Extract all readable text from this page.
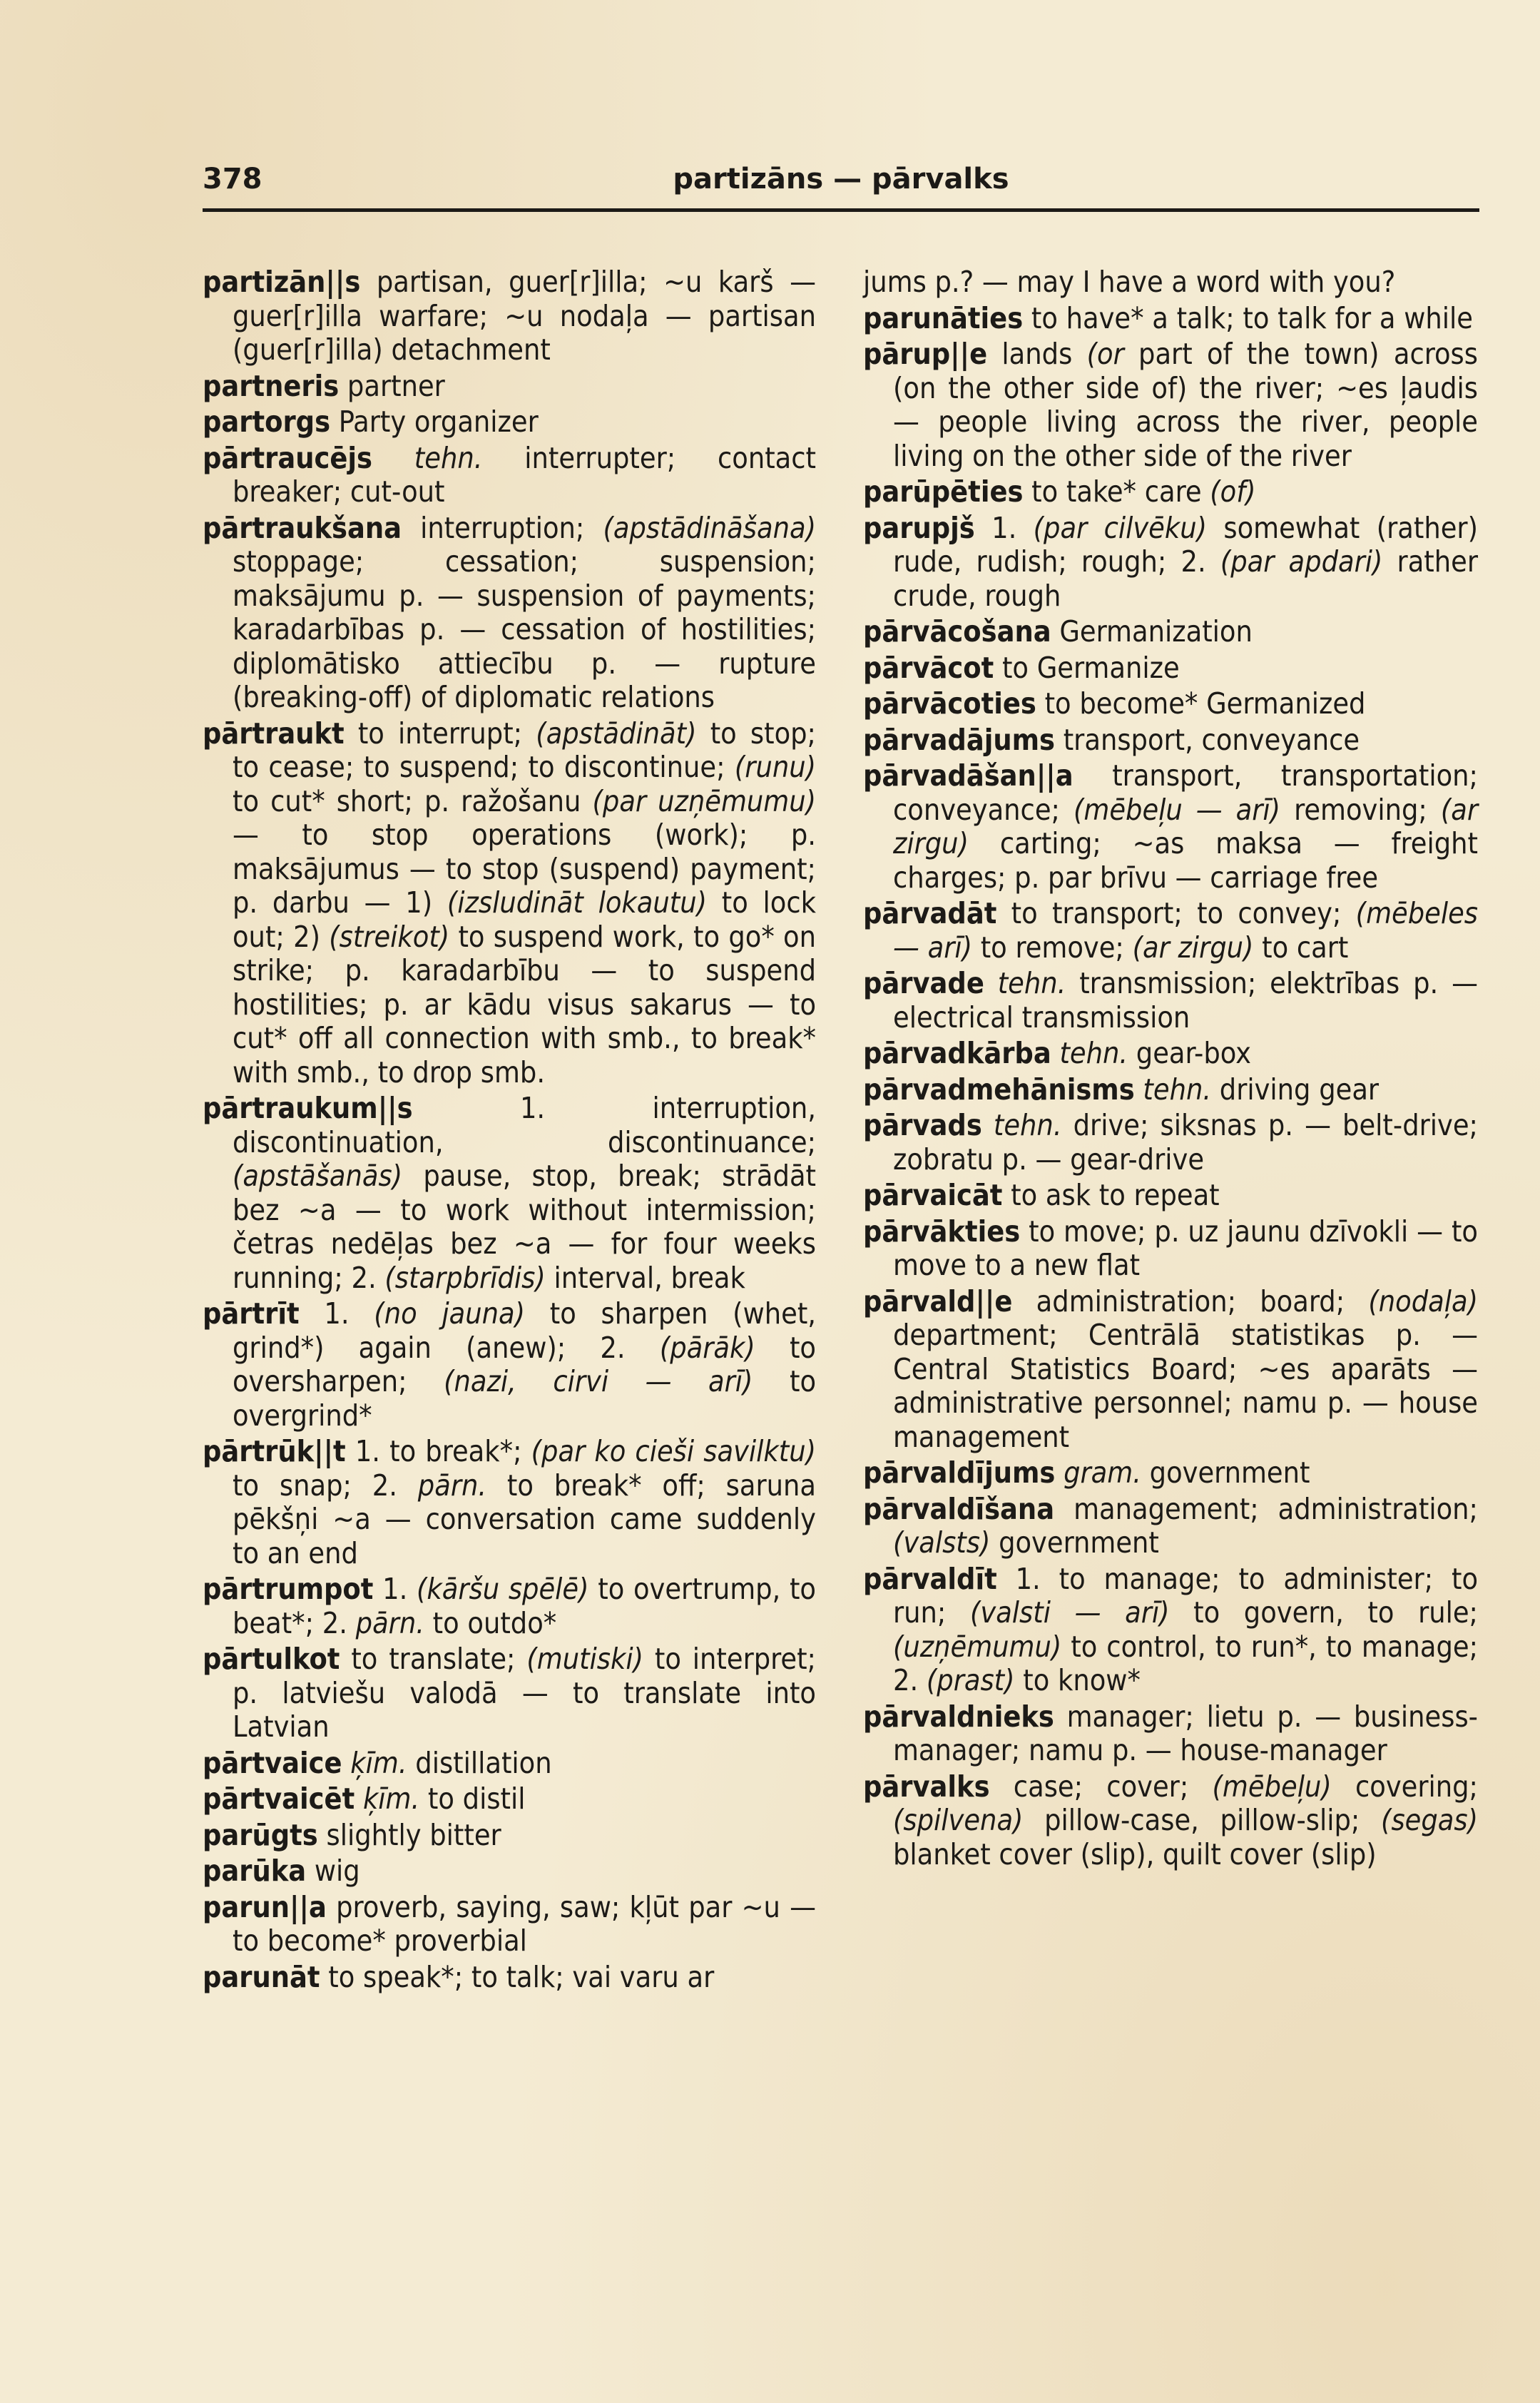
378	partizāns — pārvalks
partizān||s partisan, guer[r]illa; ~u karš — guer[r]illa warfare; ~u nodaļa — partisan (guer[r]illa) detachment
partneris partner
partorgs Party organizer
pārtraucējs tehn. interrupter; contact breaker; cut-out
pārtraukšana interruption; (apstādināšana) stoppage; cessation; suspension; maksājumu p. — suspension of payments; karadarbības p. — cessation of hostilities; diplomātisko attiecību p. — rupture (breaking-off) of diplomatic relations
pārtraukt to interrupt; (apstādināt) to stop; to cease; to suspend; to discontinue; (runu) to cut* short; p. ražošanu (par uzņēmumu) — to stop operations (work); p. maksājumus — to stop (suspend) payment; p. darbu — 1) (izsludināt lokautu) to lock out; 2) (streikot) to suspend work, to go* on strike; p. karadarbību — to suspend hostilities; p. ar kādu visus sakarus — to cut* off all connection with smb., to break* with smb., to drop smb.
pārtraukum||s 1. interruption, discontinuation, discontinuance; (apstāšanās) pause, stop, break; strādāt bez ~a — to work without intermission; četras nedēļas bez ~a — for four weeks running; 2. (starpbrīdis) interval, break
pārtrīt 1. (no jauna) to sharpen (whet, grind*) again (anew); 2. (pārāk) to oversharpen; (nazi, cirvi — arī) to overgrind*
pārtrūk||t 1. to break*; (par ko cieši savilktu) to snap; 2. pārn. to break* off; saruna pēkšņi ~a — conversation came suddenly to an end
pārtrumpot 1. (kāršu spēlē) to overtrump, to beat*; 2. pārn. to outdo*
pārtulkot to translate; (mutiski) to interpret; p. latviešu valodā — to translate into Latvian
pārtvaice ķīm. distillation
pārtvaicēt ķīm. to distil
parūgts slightly bitter
parūka wig
parun||a proverb, saying, saw; kļūt par ~u — to become* proverbial
parunāt to speak*; to talk; vai varu ar
jums p.? — may I have a word with you?
parunāties to have* a talk; to talk for a while
pārup||e lands (or part of the town) across (on the other side of) the river; ~es ļaudis — people living across the river, people living on the other side of the river
parūpēties to take* care (of)
parupjš 1. (par cilvēku) somewhat (rather) rude, rudish; rough; 2. (par apdari) rather crude, rough
pārvācošana Germanization
pārvācot to Germanize
pārvācoties to become* Germanized
pārvadājums transport, conveyance
pārvadāšan||a transport, transportation; conveyance; (mēbeļu — arī) removing; (ar zirgu) carting; ~as maksa — freight charges; p. par brīvu — carriage free
pārvadāt to transport; to convey; (mēbeles — arī) to remove; (ar zirgu) to cart
pārvade tehn. transmission; elektrības p. — electrical transmission
pārvadkārba tehn. gear-box
pārvadmehānisms tehn. driving gear
pārvads tehn. drive; siksnas p. — belt-drive; zobratu p. — gear-drive
pārvaicāt to ask to repeat
pārvākties to move; p. uz jaunu dzīvokli — to move to a new flat
pārvald||e administration; board; (nodaļa) department; Centrālā statistikas p. — Central Statistics Board; ~es aparāts — administrative personnel; namu p. — house management
pārvaldījums gram. government
pārvaldīšana management; administration; (valsts) government
pārvaldīt 1. to manage; to administer; to run; (valsti — arī) to govern, to rule; (uzņēmumu) to control, to run*, to manage; 2. (prast) to know*
pārvaldnieks manager; lietu p. — business-manager; namu p. — house-manager
pārvalks case; cover; (mēbeļu) covering; (spilvena) pillow-case, pillow-slip; (segas) blanket cover (slip), quilt cover (slip)
